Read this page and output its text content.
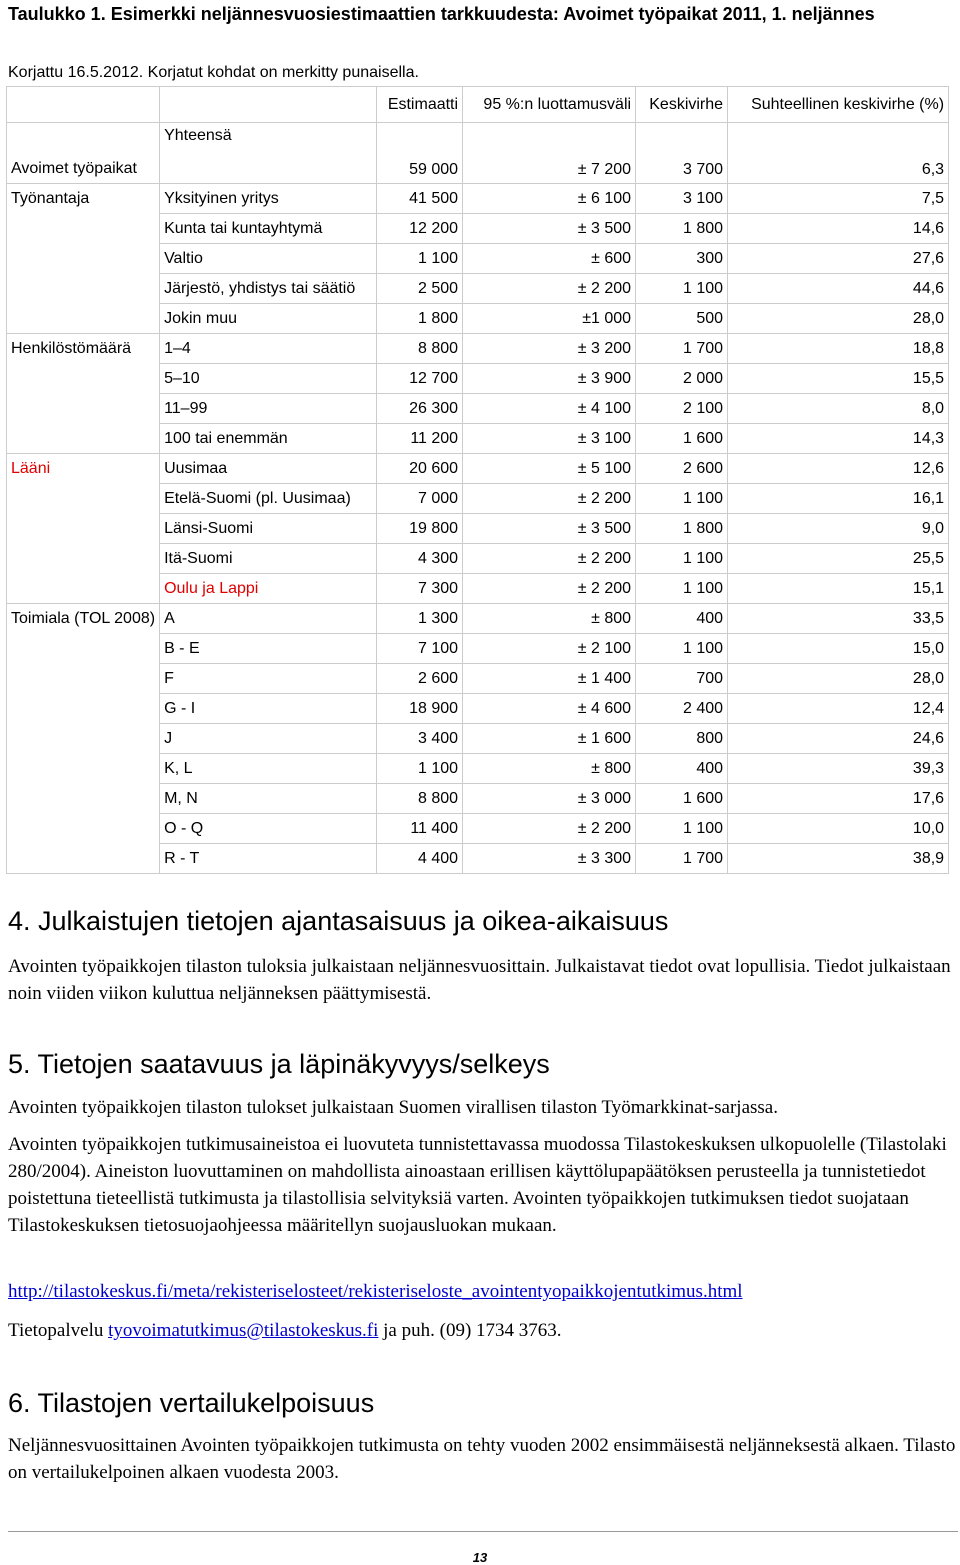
Taulukko 1. Esimerkki neljännesvuosiestimaattien tarkkuudesta: Avoimet työpaikat 2011, 1. neljännes
Korjattu 16.5.2012. Korjatut kohdat on merkitty punaisella.
		Estimaatti	95 %:n luottamusväli	Keskivirhe	Suhteellinen keskivirhe (%)
Avoimet työpaikat	Yhteensä	59 000	± 7 200	3 700	6,3
Työnantaja	Yksityinen yritys	41 500	± 6 100	3 100	7,5
	Kunta tai kuntayhtymä	12 200	± 3 500	1 800	14,6
	Valtio	1 100	± 600	300	27,6
	Järjestö, yhdistys tai säätiö	2 500	± 2 200	1 100	44,6
	Jokin muu	1 800	±1 000	500	28,0
Henkilöstömäärä	1–4	8 800	± 3 200	1 700	18,8
	5–10	12 700	± 3 900	2 000	15,5
	11–99	26 300	± 4 100	2 100	8,0
	100 tai enemmän	11 200	± 3 100	1 600	14,3
Lääni	Uusimaa	20 600	± 5 100	2 600	12,6
	Etelä-Suomi (pl. Uusimaa)	7 000	± 2 200	1 100	16,1
	Länsi-Suomi	19 800	± 3 500	1 800	9,0
	Itä-Suomi	4 300	± 2 200	1 100	25,5
	Oulu ja Lappi	7 300	± 2 200	1 100	15,1
Toimiala (TOL 2008)	A	1 300	± 800	400	33,5
	B - E	7 100	± 2 100	1 100	15,0
	F	2 600	± 1 400	700	28,0
	G - I	18 900	± 4 600	2 400	12,4
	J	3 400	± 1 600	800	24,6
	K, L	1 100	± 800	400	39,3
	M, N	8 800	± 3 000	1 600	17,6
	O - Q	11 400	± 2 200	1 100	10,0
	R - T	4 400	± 3 300	1 700	38,9
4. Julkaistujen tietojen ajantasaisuus ja oikea-aikaisuus

Avointen työpaikkojen tilaston tuloksia julkaistaan neljännesvuosittain. Julkaistavat tiedot ovat lopullisia. Tiedot julkaistaan noin viiden viikon kuluttua neljänneksen päättymisestä.

5. Tietojen saatavuus ja läpinäkyvyys/selkeys

Avointen työpaikkojen tilaston tulokset julkaistaan Suomen virallisen tilaston Työmarkkinat-sarjassa.

Avointen työpaikkojen tutkimusaineistoa ei luovuteta tunnistettavassa muodossa Tilastokeskuksen ulkopuolelle (Tilastolaki 280/2004). Aineiston luovuttaminen on mahdollista ainoastaan erillisen käyttölupapäätöksen perusteella ja tunnistetiedot poistettuna tieteellistä tutkimusta ja tilastollisia selvityksiä varten. Avointen työpaikkojen tutkimuksen tiedot suojataan Tilastokeskuksen tietosuojaohjeessa määritellyn suojausluokan mukaan.

http://tilastokeskus.fi/meta/rekisteriselosteet/rekisteriseloste_avointentyopaikkojentutkimus.html

Tietopalvelu tyovoimatutkimus@tilastokeskus.fi ja puh. (09) 1734 3763.

6. Tilastojen vertailukelpoisuus

Neljännesvuosittainen Avointen työpaikkojen tutkimusta on tehty vuoden 2002 ensimmäisestä neljänneksestä alkaen. Tilasto on vertailukelpoinen alkaen vuodesta 2003.

13
